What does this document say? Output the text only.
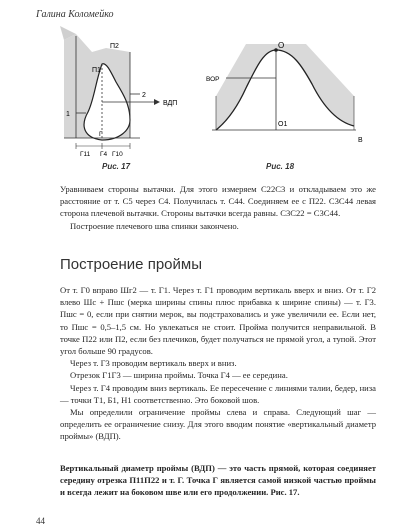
Галина Коломейко
П1
П2
ВДП
1
2
Г11
Г
Г10
Г4
Рис. 17
ВОР
O
O1
В
Рис. 18

Уравниваем стороны вытачки. Для этого измеряем С22С3 и откладываем это же расстояние от т. С5 через С4. Получилась т. С44. Соединяем ее с П22. С3С44 левая сторона плечевой вытачки. Стороны вытачки всегда равны. С3С22 = С3С44.

Построение плечевого шва спинки закончено.

Построение проймы

От т. Г0 вправо Шг2 — т. Г1. Через т. Г1 проводим вертикаль вверх и вниз. От т. Г2 влево Шс + Пшс (мерка ширины спины плюс прибавка к ширине спины) — т. Г3. Пшс = 0, если при снятии мерок, вы подстраховались и уже увеличили ее. Если нет, то Пшс = 0,5–1,5 см. Но увлекаться не стоит. Пройма получится неправильной. В точке П22 или П2, если без плечиков, будет получаться не прямой угол, а тупой. Этот угол больше 90 градусов.

Через т. Г3 проводим вертикаль вверх и вниз.

Отрезок Г1Г3 — ширина проймы. Точка Г4 — ее середина.

Через т. Г4 проводим вниз вертикаль. Ее пересечение с линиями талии, бедер, низа — точки Т1, Б1, Н1 соответственно. Это боковой шов.

Мы определили ограничение проймы слева и справа. Следующий шаг — определить ее ограничение снизу. Для этого вводим понятие «вертикальный диаметр проймы» (ВДП).

Вертикальный диаметр проймы (ВДП) — это часть прямой, которая соединяет середину отрезка П11П22 и т. Г. Точка Г является самой низкой частью проймы и всегда лежит на боковом шве или его продолжении. Рис. 17.
44
